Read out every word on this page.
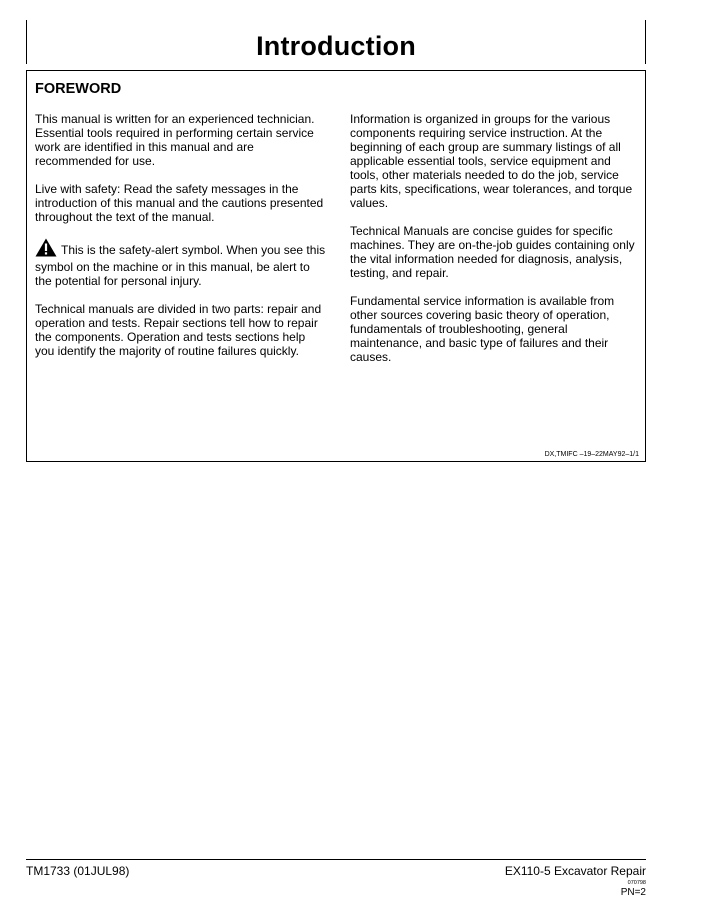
Introduction
FOREWORD

This manual is written for an experienced technician. Essential tools required in performing certain service work are identified in this manual and are recommended for use.

Live with safety: Read the safety messages in the introduction of this manual and the cautions presented throughout the text of the manual.

This is the safety-alert symbol. When you see this symbol on the machine or in this manual, be alert to the potential for personal injury.

Technical manuals are divided in two parts: repair and operation and tests. Repair sections tell how to repair the components. Operation and tests sections help you identify the majority of routine failures quickly.

Information is organized in groups for the various components requiring service instruction. At the beginning of each group are summary listings of all applicable essential tools, service equipment and tools, other materials needed to do the job, service parts kits, specifications, wear tolerances, and torque values.

Technical Manuals are concise guides for specific machines. They are on-the-job guides containing only the vital information needed for diagnosis, analysis, testing, and repair.

Fundamental service information is available from other sources covering basic theory of operation, fundamentals of troubleshooting, general maintenance, and basic type of failures and their causes.

DX,TMIFC –19–22MAY92–1/1
TM1733 (01JUL98)	EX110-5 Excavator Repair
070798
PN=2
